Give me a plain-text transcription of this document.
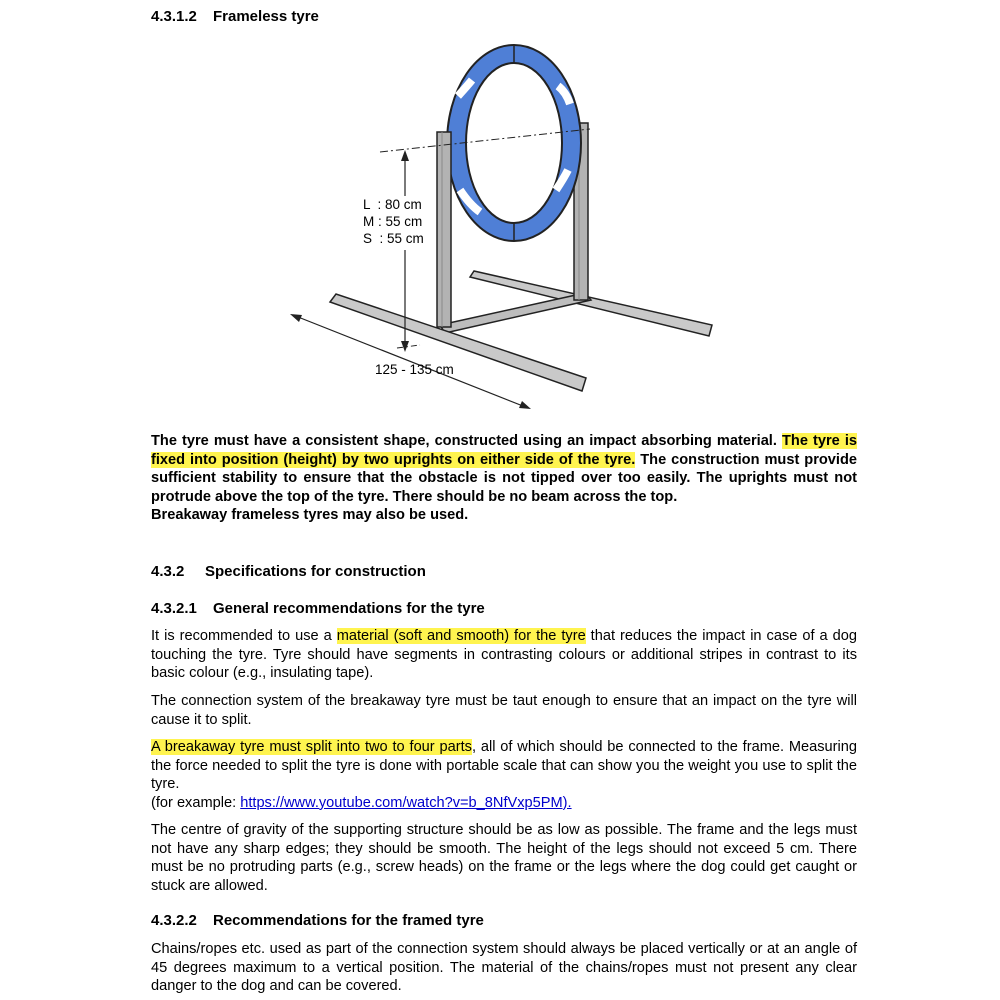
4.3.1.2 Frameless tyre
L  : 80 cm
M : 55 cm
S  : 55 cm
125 - 135 cm

The tyre must have a consistent shape, constructed using an impact absorbing material. The tyre is fixed into position (height) by two uprights on either side of the tyre. The construction must provide sufficient stability to ensure that the obstacle is not tipped over too easily. The uprights must not protrude above the top of the tyre. There should be no beam across the top.
Breakaway frameless tyres may also be used.

4.3.2 Specifications for construction
4.3.2.1 General recommendations for the tyre

It is recommended to use a material (soft and smooth) for the tyre that reduces the impact in case of a dog touching the tyre. Tyre should have segments in contrasting colours or additional stripes in contrast to its basic colour (e.g., insulating tape).

The connection system of the breakaway tyre must be taut enough to ensure that an impact on the tyre will cause it to split.

A breakaway tyre must split into two to four parts, all of which should be connected to the frame. Measuring the force needed to split the tyre is done with portable scale that can show you the weight you use to split the tyre.
(for example: https://www.youtube.com/watch?v=b_8NfVxp5PM).

The centre of gravity of the supporting structure should be as low as possible. The frame and the legs must not have any sharp edges; they should be smooth. The height of the legs should not exceed 5 cm. There must be no protruding parts (e.g., screw heads) on the frame or the legs where the dog could get caught or stuck are allowed.

4.3.2.2 Recommendations for the framed tyre

Chains/ropes etc. used as part of the connection system should always be placed vertically or at an angle of 45 degrees maximum to a vertical position. The material of the chains/ropes must not present any clear danger to the dog and can be covered.
